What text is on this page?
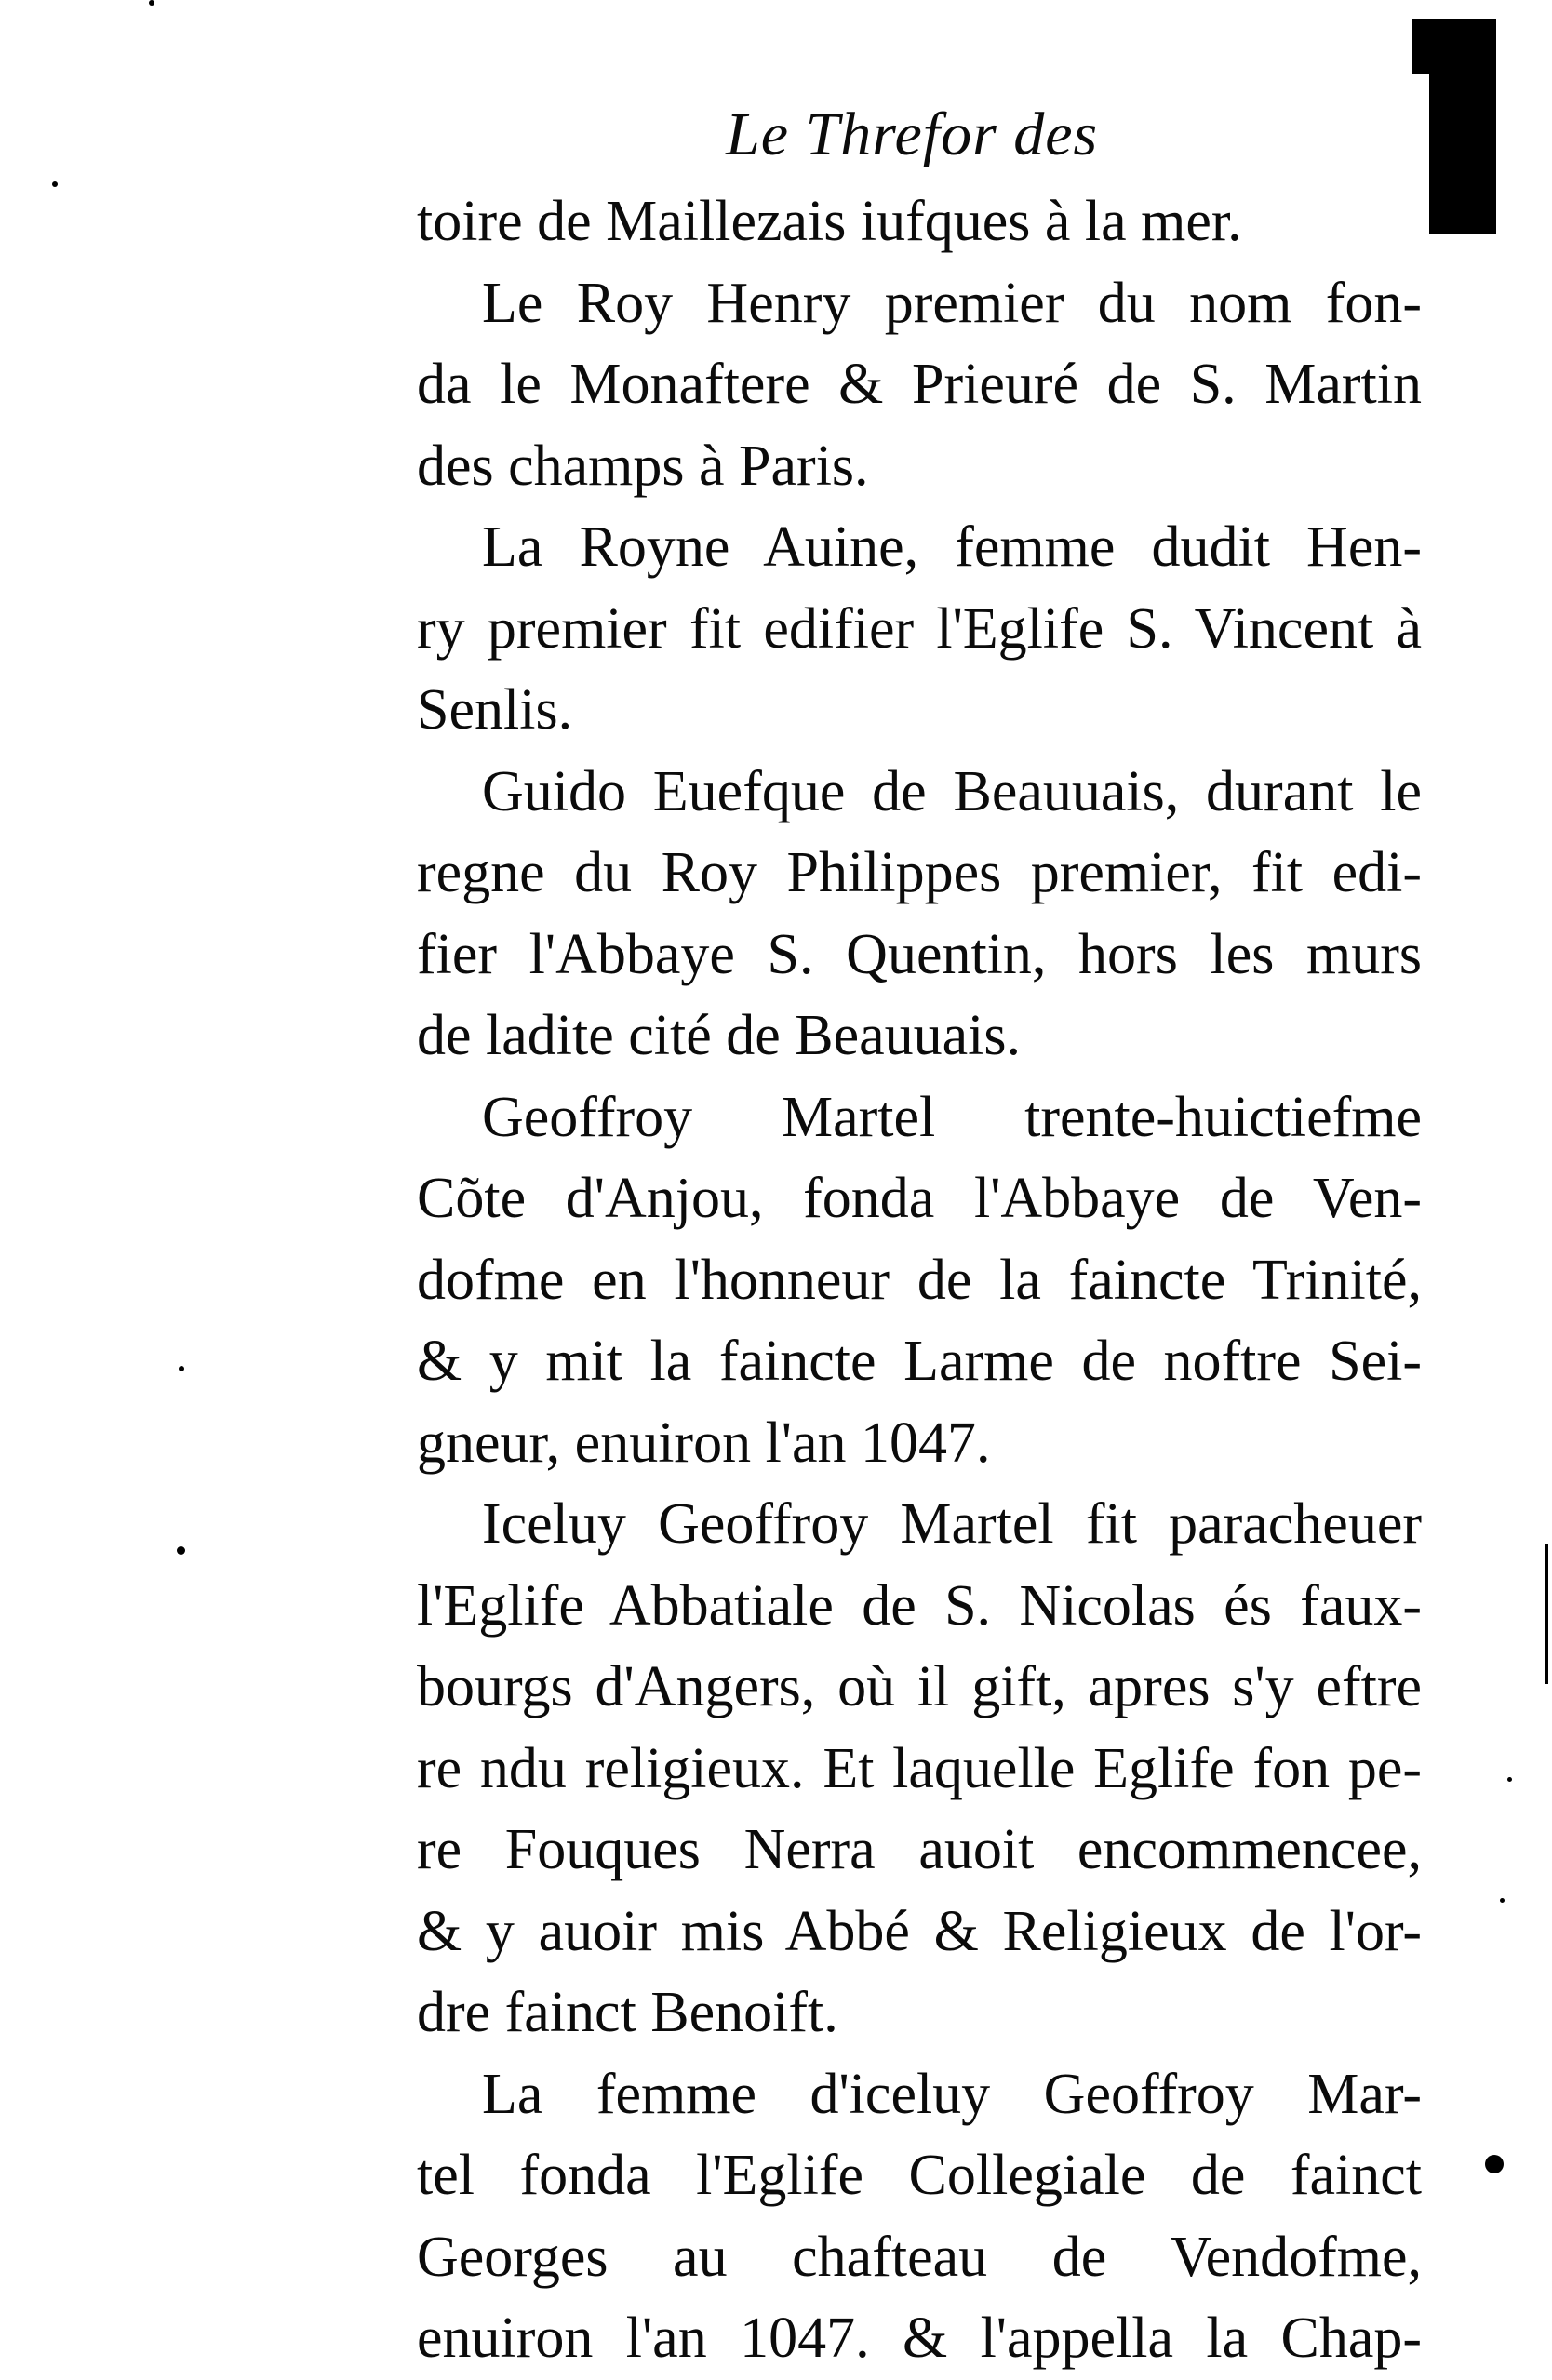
Le Threfor des
toire de Maillezais iufques à la mer.
Le Roy Henry premier du nom fon-
da le Monaftere & Prieuré de S. Martin
des champs à Paris.
La Royne Auine, femme dudit Hen-
ry premier fit edifier l'Eglife S. Vincent à
Senlis.
Guido Euefque de Beauuais, durant le
regne du Roy Philippes premier, fit edi-
fier l'Abbaye S. Quentin, hors les murs
de ladite cité de Beauuais.
Geoffroy Martel trente-huictiefme
Cõte d'Anjou, fonda l'Abbaye de Ven-
dofme en l'honneur de la faincte Trinité,
& y mit la faincte Larme de noftre Sei-
gneur, enuiron l'an 1047.
Iceluy Geoffroy Martel fit paracheuer
l'Eglife Abbatiale de S. Nicolas és faux-
bourgs d'Angers, où il gift, apres s'y eftre
re ndu religieux. Et laquelle Eglife fon pe-
re Fouques Nerra auoit encommencee,
& y auoir mis Abbé & Religieux de l'or-
dre fainct Benoift.
La femme d'iceluy Geoffroy Mar-
tel fonda l'Eglife Collegiale de fainct
Georges au chafteau de Vendofme,
enuiron l'an 1047. & l'appella la Chap-
